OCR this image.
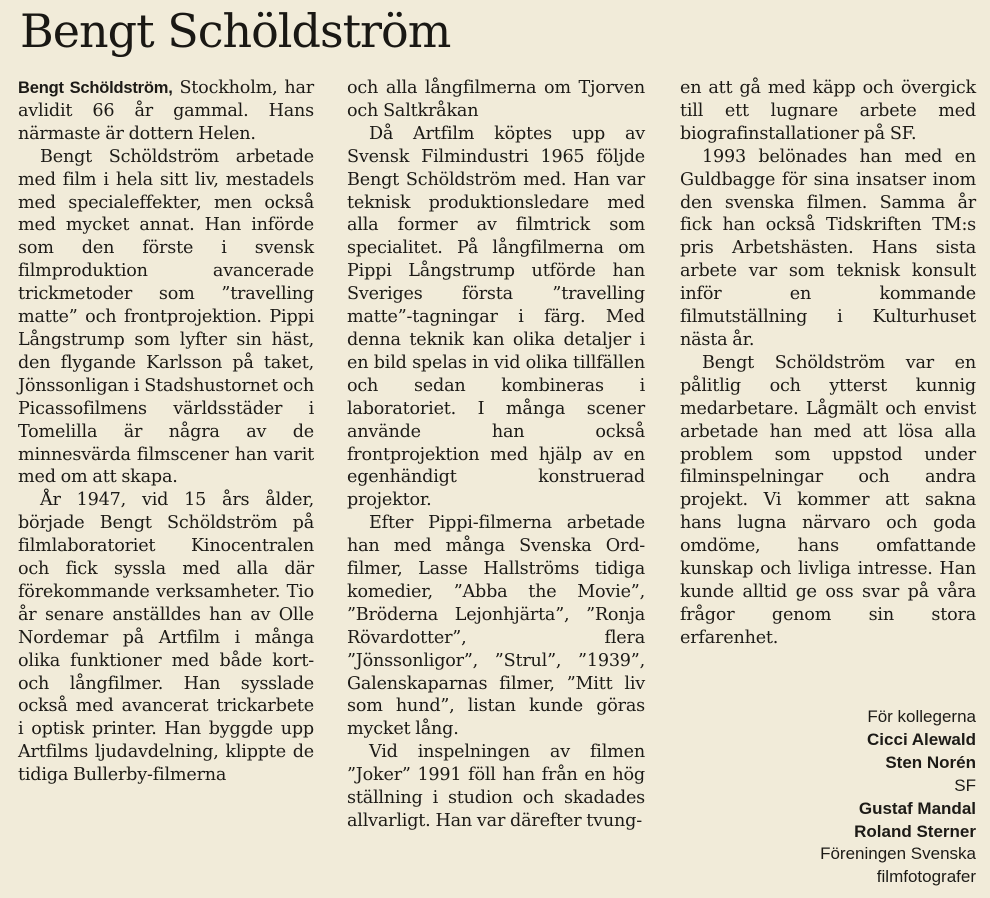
Bengt Schöldström

Bengt Schöldström, Stockholm, har avlidit 66 år gammal. Hans närmaste är dottern Helen.

Bengt Schöldström arbetade med film i hela sitt liv, mestadels med specialeffekter, men också med mycket annat. Han införde som den förste i svensk filmproduktion avancerade trickmetoder som ”travelling matte” och frontprojektion. Pippi Långstrump som lyfter sin häst, den flygande Karlsson på taket, Jönssonligan i Stadshustornet och Picassofilmens världsstäder i Tomelilla är några av de minnesvärda filmscener han varit med om att skapa.

År 1947, vid 15 års ålder, började Bengt Schöldström på filmlaboratoriet Kinocentralen och fick syssla med alla där förekommande verksamheter. Tio år senare anställdes han av Olle Nordemar på Artfilm i många olika funktioner med både kort- och långfilmer. Han sysslade också med avancerat trickarbete i optisk printer. Han byggde upp Artfilms ljudavdelning, klippte de tidiga Bullerby-filmerna

och alla långfilmerna om Tjorven och Saltkråkan

Då Artfilm köptes upp av Svensk Filmindustri 1965 följde Bengt Schöldström med. Han var teknisk produktionsledare med alla former av filmtrick som specialitet. På långfilmerna om Pippi Långstrump utförde han Sveriges första ”travelling matte”-tagningar i färg. Med denna teknik kan olika detaljer i en bild spelas in vid olika tillfällen och sedan kombineras i laboratoriet. I många scener använde han också frontprojektion med hjälp av en egenhändigt konstruerad projektor.

Efter Pippi-filmerna arbetade han med många Svenska Ord-filmer, Lasse Hallströms tidiga komedier, ”Abba the Movie”, ”Bröderna Lejonhjärta”, ”Ronja Rövardotter”, flera ”Jönssonligor”, ”Strul”, ”1939”, Galenskaparnas filmer, ”Mitt liv som hund”, listan kunde göras mycket lång.

Vid inspelningen av filmen ”Joker” 1991 föll han från en hög ställning i studion och skadades allvarligt. Han var därefter tvung-

en att gå med käpp och övergick till ett lugnare arbete med biografinstallationer på SF.

1993 belönades han med en Guldbagge för sina insatser inom den svenska filmen. Samma år fick han också Tidskriften TM:s pris Arbetshästen. Hans sista arbete var som teknisk konsult inför en kommande filmutställning i Kulturhuset nästa år.

Bengt Schöldström var en pålitlig och ytterst kunnig medarbetare. Lågmält och envist arbetade han med att lösa alla problem som uppstod under filminspelningar och andra projekt. Vi kommer att sakna hans lugna närvaro och goda omdöme, hans omfattande kunskap och livliga intresse. Han kunde alltid ge oss svar på våra frågor genom sin stora erfarenhet.

För kollegerna
Cicci Alewald
Sten Norén
SF
Gustaf Mandal
Roland Sterner
Föreningen Svenska
filmfotografer
